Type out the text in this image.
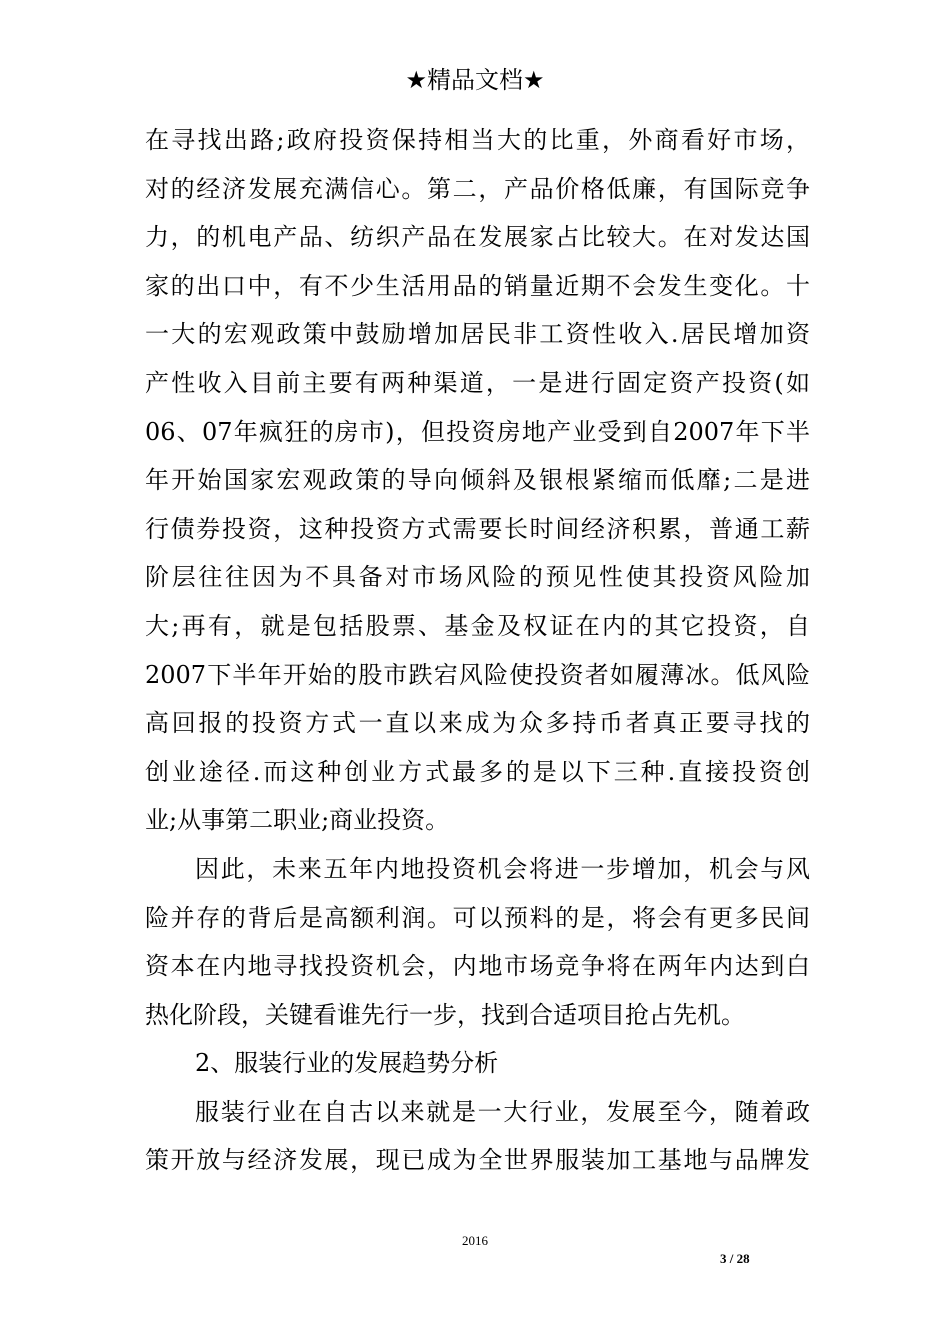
★精品文档★
在寻找出路;政府投资保持相当大的比重，外商看好市场，
对的经济发展充满信心。第二，产品价格低廉，有国际竞争
力，的机电产品、纺织产品在发展家占比较大。在对发达国
家的出口中，有不少生活用品的销量近期不会发生变化。十
一大的宏观政策中鼓励增加居民非工资性收入.居民增加资
产性收入目前主要有两种渠道，一是进行固定资产投资(如
06、07年疯狂的房市)，但投资房地产业受到自2007年下半
年开始国家宏观政策的导向倾斜及银根紧缩而低靡;二是进
行债券投资，这种投资方式需要长时间经济积累，普通工薪
阶层往往因为不具备对市场风险的预见性使其投资风险加
大;再有，就是包括股票、基金及权证在内的其它投资，自
2007下半年开始的股市跌宕风险使投资者如履薄冰。低风险
高回报的投资方式一直以来成为众多持币者真正要寻找的
创业途径.而这种创业方式最多的是以下三种.直接投资创
业;从事第二职业;商业投资。
因此，未来五年内地投资机会将进一步增加，机会与风
险并存的背后是高额利润。可以预料的是，将会有更多民间
资本在内地寻找投资机会，内地市场竞争将在两年内达到白
热化阶段，关键看谁先行一步，找到合适项目抢占先机。
2、服装行业的发展趋势分析
服装行业在自古以来就是一大行业，发展至今，随着政
策开放与经济发展，现已成为全世界服装加工基地与品牌发
2016
3 / 28
